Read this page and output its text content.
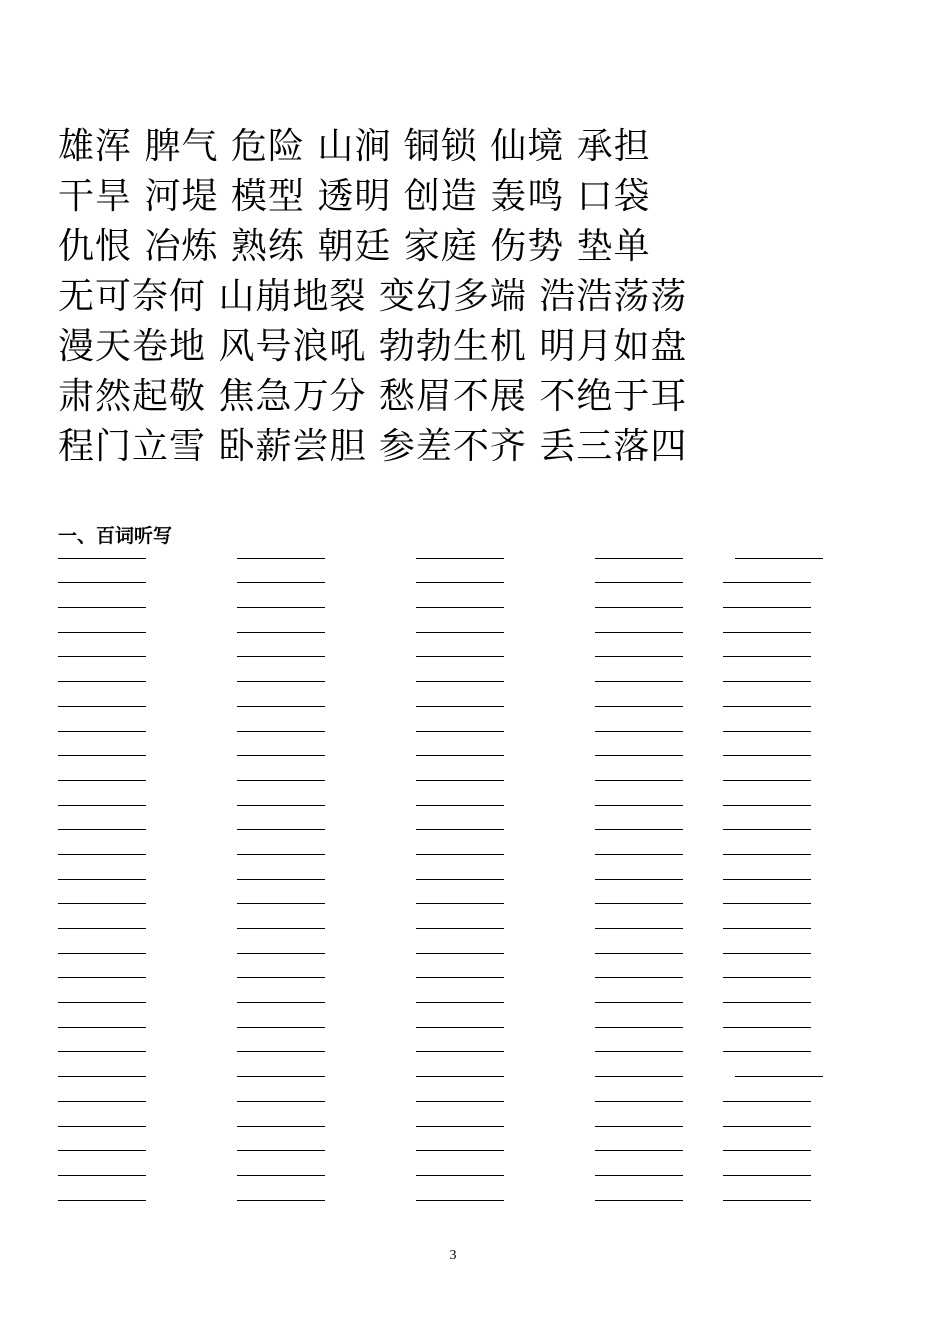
雄浑 脾气 危险 山涧 铜锁 仙境 承担
干旱 河堤 模型 透明 创造 轰鸣 口袋
仇恨 冶炼 熟练 朝廷 家庭 伤势 垫单
无可奈何 山崩地裂 变幻多端 浩浩荡荡
漫天卷地 风号浪吼 勃勃生机 明月如盘
肃然起敬 焦急万分 愁眉不展 不绝于耳
程门立雪 卧薪尝胆 参差不齐 丢三落四
一、百词听写
3
